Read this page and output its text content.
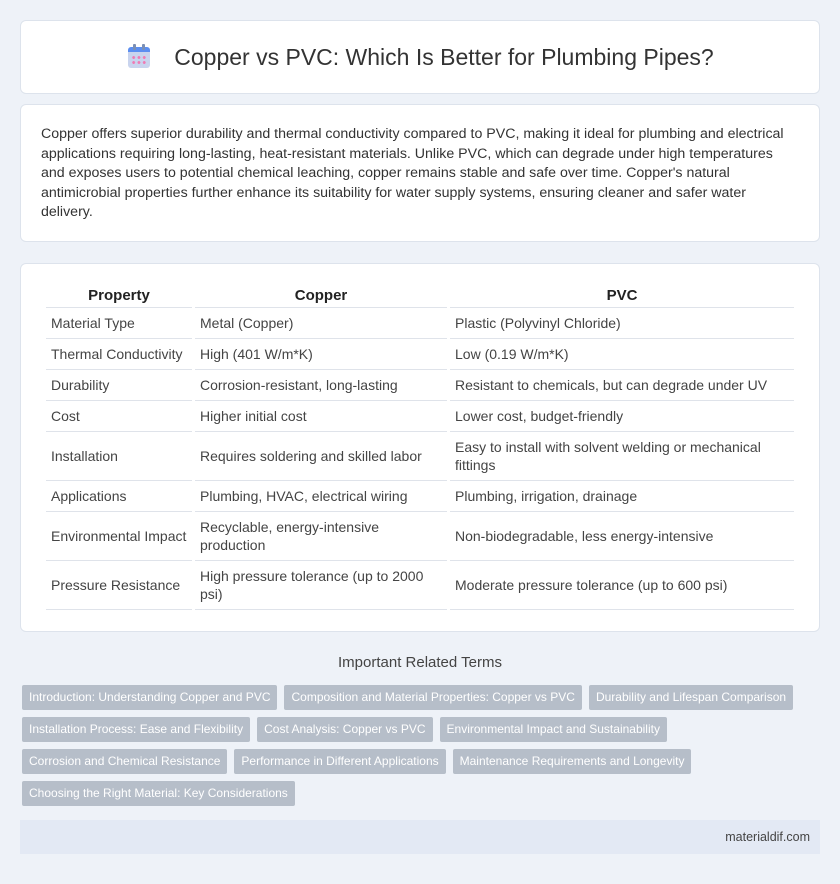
Copper vs PVC: Which Is Better for Plumbing Pipes?

Copper offers superior durability and thermal conductivity compared to PVC, making it ideal for plumbing and electrical applications requiring long-lasting, heat-resistant materials. Unlike PVC, which can degrade under high temperatures and exposes users to potential chemical leaching, copper remains stable and safe over time. Copper's natural antimicrobial properties further enhance its suitability for water supply systems, ensuring cleaner and safer water delivery.

Property	Copper	PVC
Material Type	Metal (Copper)	Plastic (Polyvinyl Chloride)
Thermal Conductivity	High (401 W/m*K)	Low (0.19 W/m*K)
Durability	Corrosion-resistant, long-lasting	Resistant to chemicals, but can degrade under UV
Cost	Higher initial cost	Lower cost, budget-friendly
Installation	Requires soldering and skilled labor	Easy to install with solvent welding or mechanical fittings
Applications	Plumbing, HVAC, electrical wiring	Plumbing, irrigation, drainage
Environmental Impact	Recyclable, energy-intensive production	Non-biodegradable, less energy-intensive
Pressure Resistance	High pressure tolerance (up to 2000 psi)	Moderate pressure tolerance (up to 600 psi)
Important Related Terms
Introduction: Understanding Copper and PVC	Composition and Material Properties: Copper vs PVC	Durability and Lifespan Comparison
Installation Process: Ease and Flexibility	Cost Analysis: Copper vs PVC	Environmental Impact and Sustainability
Corrosion and Chemical Resistance	Performance in Different Applications	Maintenance Requirements and Longevity
Choosing the Right Material: Key Considerations
materialdif.com
